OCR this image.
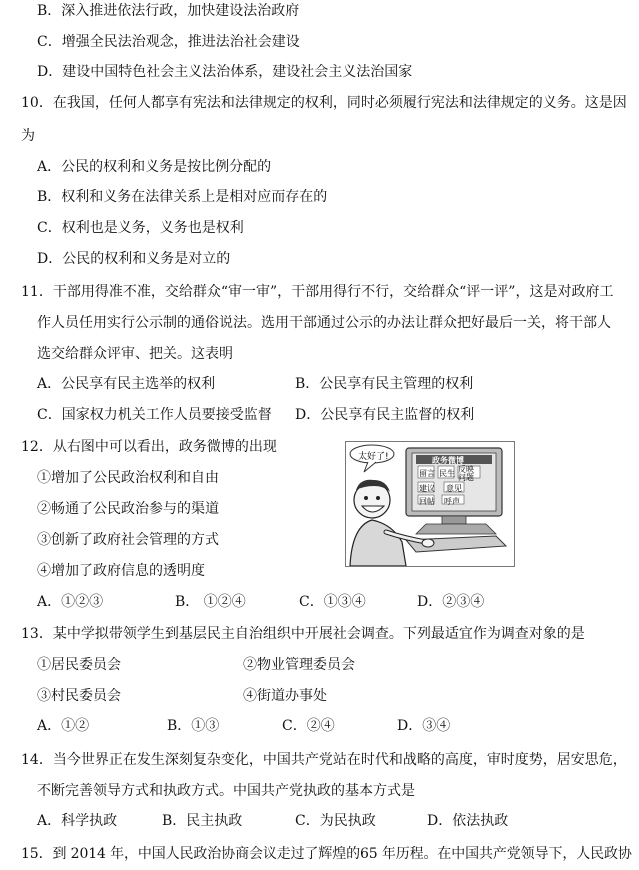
B．深入推进依法行政，加快建设法治政府
C．增强全民法治观念，推进法治社会建设
D．建设中国特色社会主义法治体系，建设社会主义法治国家
10．在我国，任何人都享有宪法和法律规定的权利，同时必须履行宪法和法律规定的义务。这是因
为
A．公民的权利和义务是按比例分配的
B．权利和义务在法律关系上是相对应而存在的
C．权利也是义务，义务也是权利
D．公民的权利和义务是对立的
11．干部用得准不准，交给群众“审一审”，干部用得行不行，交给群众“评一评”，这是对政府工
作人员任用实行公示制的通俗说法。选用干部通过公示的办法让群众把好最后一关，将干部人
选交给群众评审、把关。这表明
A．公民享有民主选举的权利	B．公民享有民主管理的权利
C．国家权力机关工作人员要接受监督 D．公民享有民主监督的权利
12．从右图中可以看出，政务微博的出现
①增加了公民政治权利和自由
②畅通了公民政治参与的渠道
③创新了政府社会管理的方式
④增加了政府信息的透明度
太好了!	政务微博
留言 民生 反映问题
建议 意见
回帖 呼声
A．①②③	B． ①②④	C．①③④	D．②③④
13．某中学拟带领学生到基层民主自治组织中开展社会调查。下列最适宜作为调查对象的是
①居民委员会	②物业管理委员会
③村民委员会	④街道办事处
A．①②	B．①③	C．②④	D．③④
14．当今世界正在发生深刻复杂变化，中国共产党站在时代和战略的高度，审时度势，居安思危，
不断完善领导方式和执政方式。中国共产党执政的基本方式是
A．科学执政	B．民主执政	C．为民执政	D．依法执政
15．到 2014 年，中国人民政治协商会议走过了辉煌的65 年历程。在中国共产党领导下，人民政协
